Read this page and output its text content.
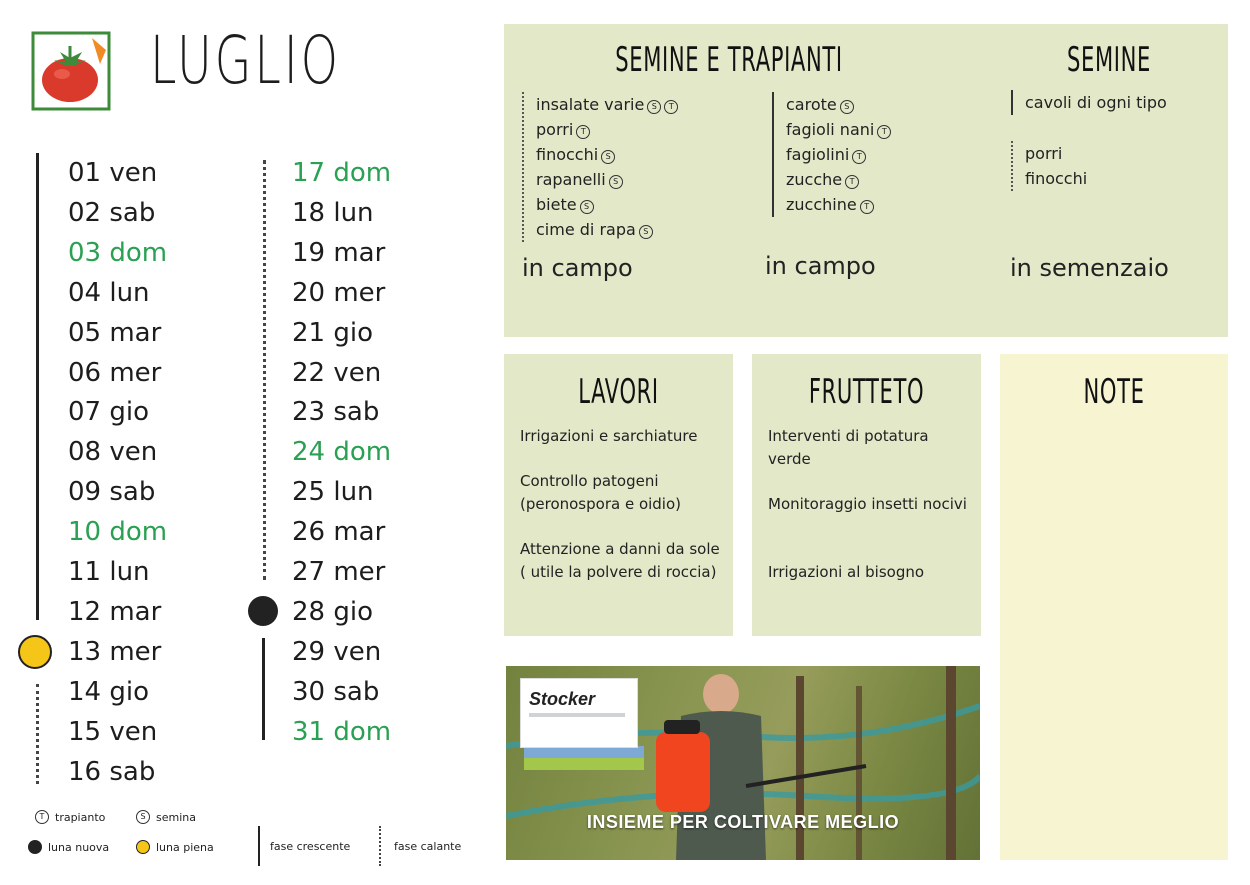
LUGLIO
01 ven
02 sab
03 dom
04 lun
05 mar
06 mer
07 gio
08 ven
09 sab
10 dom
11 lun
12 mar
13 mer
14 gio
15 ven
16 sab
17 dom
18 lun
19 mar
20 mer
21 gio
22 ven
23 sab
24 dom
25 lun
26 mar
27 mer
28 gio
29 ven
30 sab
31 dom
T trapianto	S semina
luna nuova	luna piena	fase crescente	fase calante
SEMINE E TRAPIANTI	SEMINE
insalate varie S T
porri T
finocchi S
rapanelli S
biete S
cime di rapa S
in campo
carote S
fagioli nani T
fagiolini T
zucche T
zucchine T
in campo
cavoli di ogni tipo
porri
finocchi
in semenzaio
LAVORI
Irrigazioni e sarchiature
Controllo patogeni (peronospora e oidio)
Attenzione a danni da sole ( utile la polvere di roccia)
FRUTTETO
Interventi di potatura verde
Monitoraggio insetti nocivi
Irrigazioni al bisogno
NOTE
Stocker
INSIEME PER COLTIVARE MEGLIO
